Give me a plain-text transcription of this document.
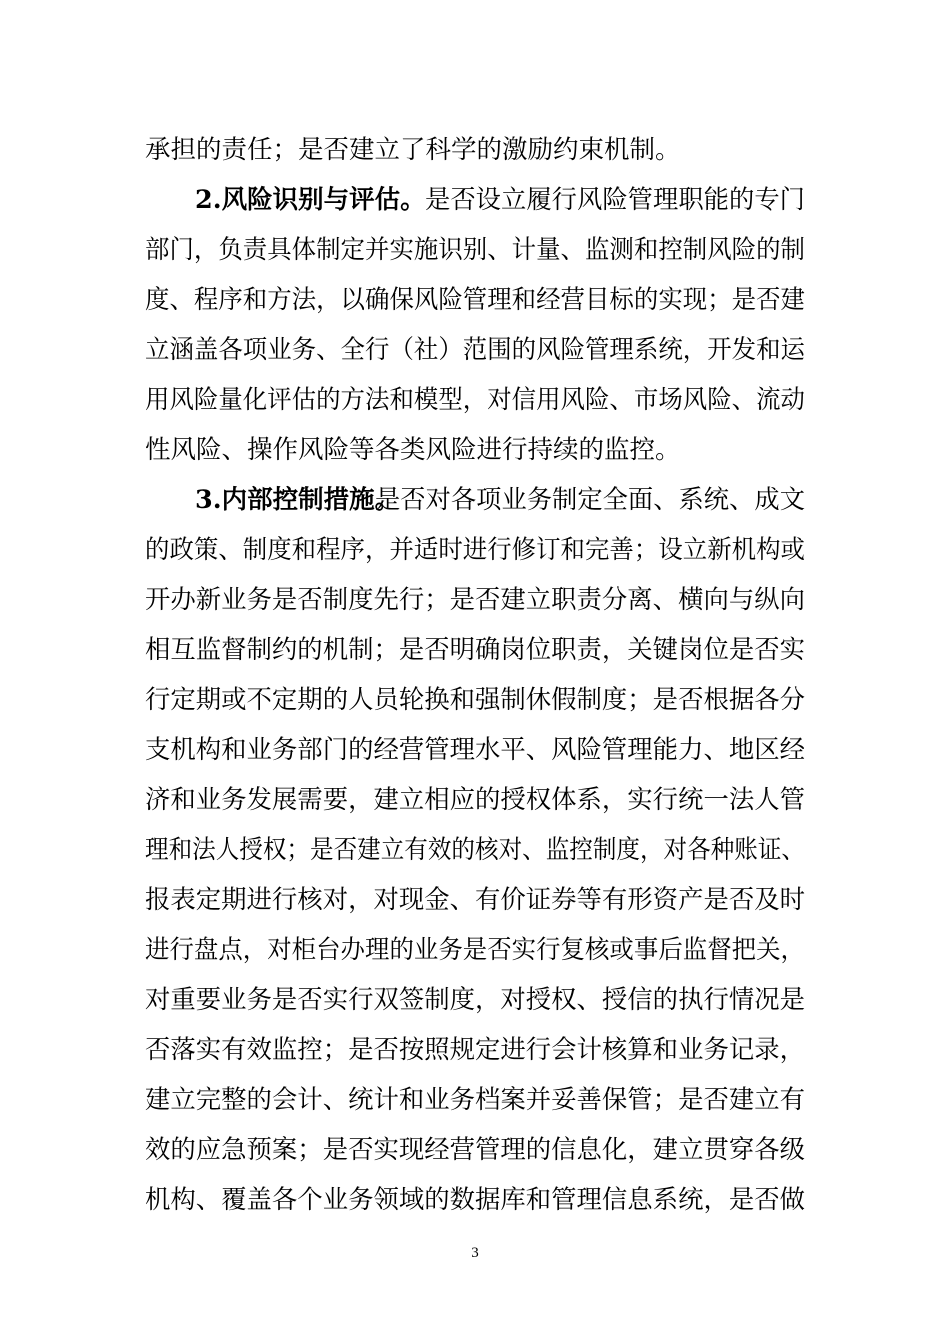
承担的责任；是否建立了科学的激励约束机制。
2.风险识别与评估。 是否设立履行风险管理职能的专门
部门，负责具体制定并实施识别、计量、监测和控制风险的制
度、程序和方法，以确保风险管理和经营目标的实现；是否建
立涵盖各项业务、全行（社）范围的风险管理系统，开发和运
用风险量化评估的方法和模型，对信用风险、市场风险、流动
性风险、操作风险等各类风险进行持续的监控。
3.内部控制措施。
是否对各项业务制定全面、系统、成文
的政策、制度和程序，并适时进行修订和完善；设立新机构或
开办新业务是否制度先行；是否建立职责分离、横向与纵向
相互监督制约的机制；是否明确岗位职责，关键岗位是否实
行定期或不定期的人员轮换和强制休假制度；是否根据各分
支机构和业务部门的经营管理水平、风险管理能力、地区经
济和业务发展需要，建立相应的授权体系，实行统一法人管
理和法人授权；是否建立有效的核对、监控制度，对各种账证、
报表定期进行核对，对现金、有价证券等有形资产是否及时
进行盘点，对柜台办理的业务是否实行复核或事后监督把关，
对重要业务是否实行双签制度，对授权、授信的执行情况是
否落实有效监控；是否按照规定进行会计核算和业务记录，
建立完整的会计、统计和业务档案并妥善保管；是否建立有
效的应急预案；是否实现经营管理的信息化，建立贯穿各级
机构、覆盖各个业务领域的数据库和管理信息系统，是否做
3
